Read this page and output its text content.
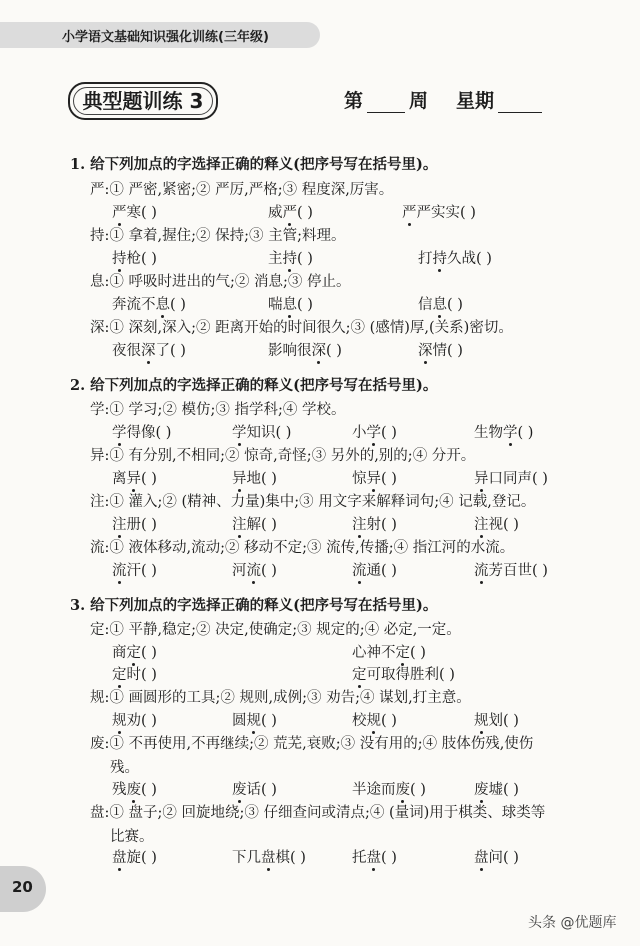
小学语文基础知识强化训练(三年级)
典型题训练 3	第 周 星期
1. 给下列加点的字选择正确的释义(把序号写在括号里)。
严:① 严密,紧密;② 严厉,严格;③ 程度深,厉害。
持:① 拿着,握住;② 保持;③ 主管;料理。
息:① 呼吸时进出的气;② 消息;③ 停止。
深:① 深刻,深入;② 距离开始的时间很久;③ (感情)厚,(关系)密切。
2. 给下列加点的字选择正确的释义(把序号写在括号里)。
学:① 学习;② 模仿;③ 指学科;④ 学校。
异:① 有分别,不相同;② 惊奇,奇怪;③ 另外的,别的;④ 分开。
注:① 灌入;② (精神、力量)集中;③ 用文字来解释词句;④ 记载,登记。
流:① 液体移动,流动;② 移动不定;③ 流传,传播;④ 指江河的水流。
3. 给下列加点的字选择正确的释义(把序号写在括号里)。
定:① 平静,稳定;② 决定,使确定;③ 规定的;④ 必定,一定。
规:① 画圆形的工具;② 规则,成例;③ 劝告;④ 谋划,打主意。
废:① 不再使用,不再继续;② 荒芜,衰败;③ 没有用的;④ 肢体伤残,使伤
残。
盘:① 盘子;② 回旋地绕;③ 仔细查问或清点;④ (量词)用于棋类、球类等
比赛。
严寒( )	威严( )	严严实实( )
持枪( )	主持( )	打持久战( )
奔流不息( )	喘息( )	信息( )
夜很深了( )	影响很深( )	深情( )
学得像( )	学知识( )	小学( )	生物学( )
离异( )	异地( )	惊异( )	异口同声( )
注册( )	注解( )	注射( )	注视( )
流汗( )	河流( )	流通( )	流芳百世( )
商定( )	心神不定( )
定时( )	定可取得胜利( )
规劝( )	圆规( )	校规( )	规划( )
残废( )	废话( )	半途而废( )	废墟( )
盘旋( )	下几盘棋( )	托盘( )	盘问( )
20
头条 @优题库
